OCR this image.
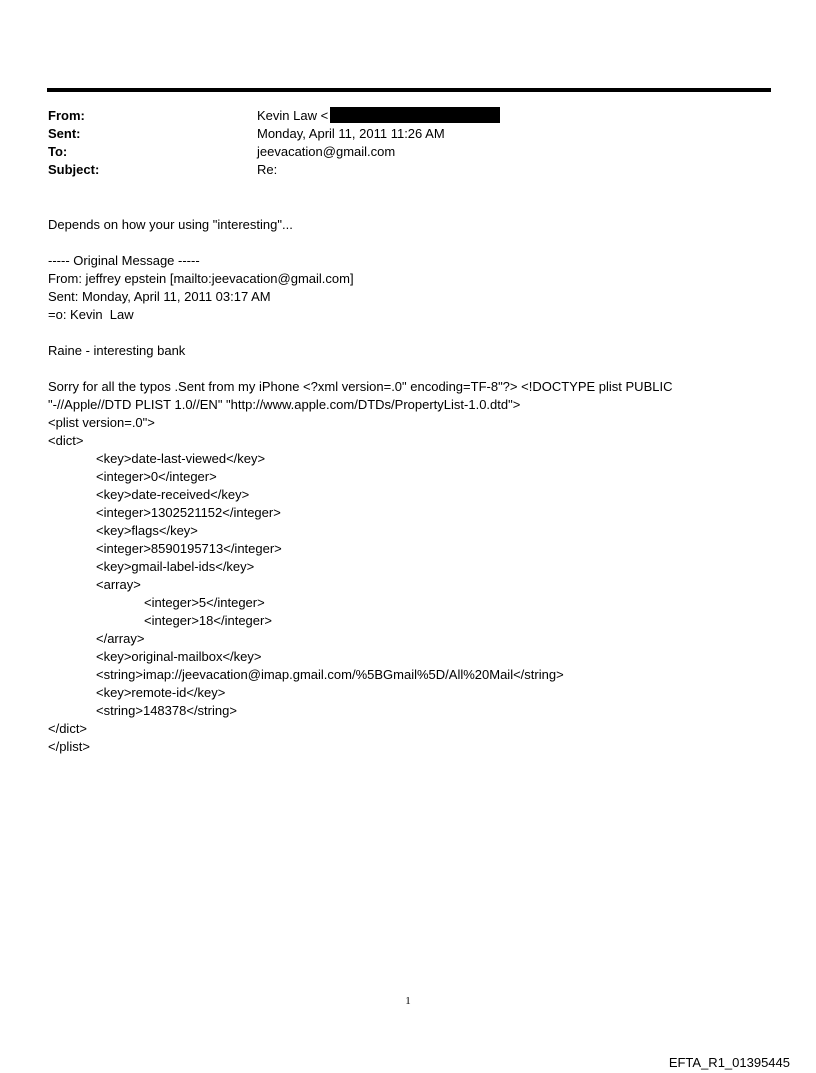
From:	Kevin Law <
Sent:	Monday, April 11, 2011 11:26 AM
To:	jeevacation@gmail.com
Subject:	Re:
Depends on how your using "interesting"...
----- Original Message -----
From: jeffrey epstein [mailto:jeevacation@gmail.com]
Sent: Monday, April 11, 2011 03:17 AM
=o: Kevin  Law
Raine - interesting bank
Sorry for all the typos .Sent from my iPhone <?xml version=.0" encoding=TF-8"?> <!DOCTYPE plist PUBLIC "-//Apple//DTD PLIST 1.0//EN" "http://www.apple.com/DTDs/PropertyList-1.0.dtd">
<plist version=.0">
<dict>
<key>date-last-viewed</key>
<integer>0</integer>
<key>date-received</key>
<integer>1302521152</integer>
<key>flags</key>
<integer>8590195713</integer>
<key>gmail-label-ids</key>
<array>
<integer>5</integer>
<integer>18</integer>
</array>
<key>original-mailbox</key>
<string>imap://jeevacation@imap.gmail.com/%5BGmail%5D/All%20Mail</string>
<key>remote-id</key>
<string>148378</string>
</dict>
</plist>
1
EFTA_R1_01395445
